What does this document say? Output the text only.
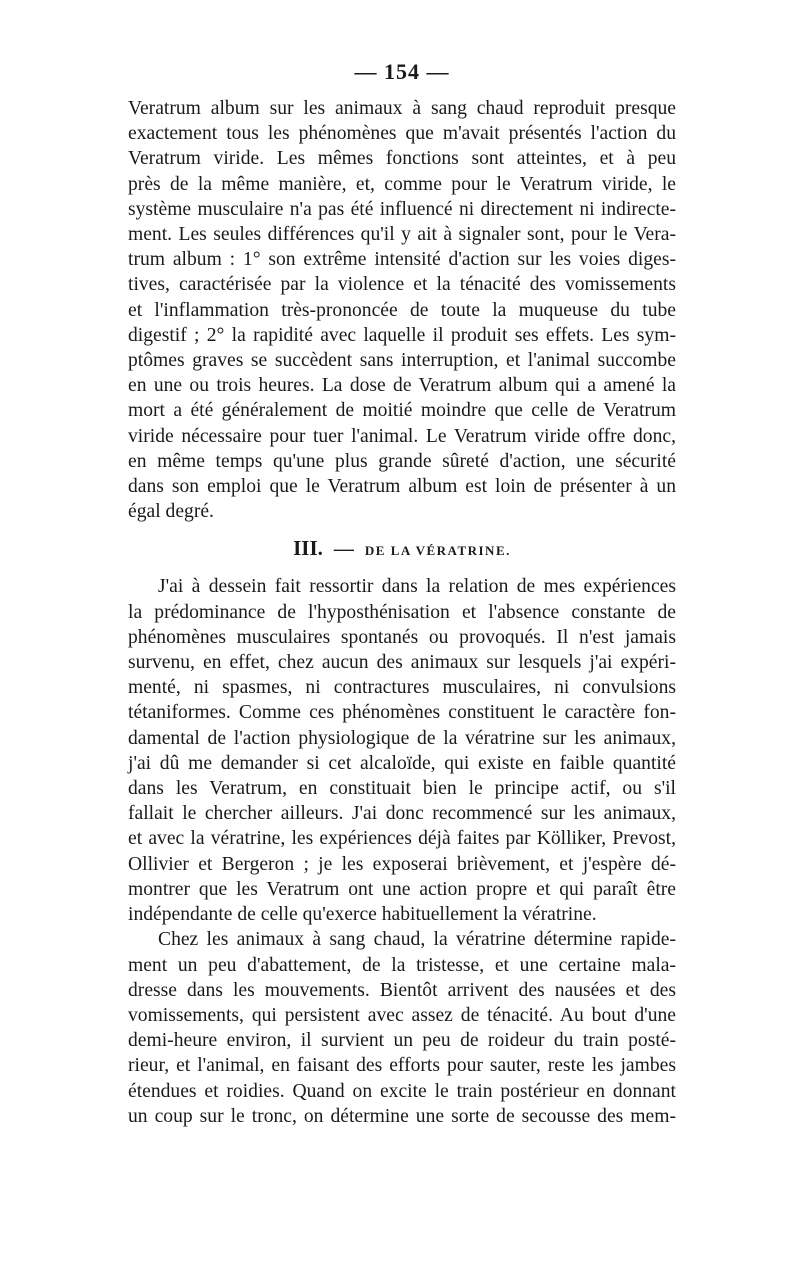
— 154 —
Veratrum album sur les animaux à sang chaud reproduit presque
exactement tous les phénomènes que m'avait présentés l'action du
Veratrum viride. Les mêmes fonctions sont atteintes, et à peu
près de la même manière, et, comme pour le Veratrum viride, le
système musculaire n'a pas été influencé ni directement ni indirecte-
ment. Les seules différences qu'il y ait à signaler sont, pour le Vera-
trum album : 1° son extrême intensité d'action sur les voies diges-
tives, caractérisée par la violence et la ténacité des vomissements
et l'inflammation très-prononcée de toute la muqueuse du tube
digestif ; 2° la rapidité avec laquelle il produit ses effets. Les sym-
ptômes graves se succèdent sans interruption, et l'animal succombe
en une ou trois heures. La dose de Veratrum album qui a amené la
mort a été généralement de moitié moindre que celle de Veratrum
viride nécessaire pour tuer l'animal. Le Veratrum viride offre donc,
en même temps qu'une plus grande sûreté d'action, une sécurité
dans son emploi que le Veratrum album est loin de présenter à un
égal degré.
III. — DE LA VÉRATRINE.
J'ai à dessein fait ressortir dans la relation de mes expériences
la prédominance de l'hyposthénisation et l'absence constante de
phénomènes musculaires spontanés ou provoqués. Il n'est jamais
survenu, en effet, chez aucun des animaux sur lesquels j'ai expéri-
menté, ni spasmes, ni contractures musculaires, ni convulsions
tétaniformes. Comme ces phénomènes constituent le caractère fon-
damental de l'action physiologique de la vératrine sur les animaux,
j'ai dû me demander si cet alcaloïde, qui existe en faible quantité
dans les Veratrum, en constituait bien le principe actif, ou s'il
fallait le chercher ailleurs. J'ai donc recommencé sur les animaux,
et avec la vératrine, les expériences déjà faites par Kölliker, Prevost,
Ollivier et Bergeron ; je les exposerai brièvement, et j'espère dé-
montrer que les Veratrum ont une action propre et qui paraît être
indépendante de celle qu'exerce habituellement la vératrine.
Chez les animaux à sang chaud, la vératrine détermine rapide-
ment un peu d'abattement, de la tristesse, et une certaine mala-
dresse dans les mouvements. Bientôt arrivent des nausées et des
vomissements, qui persistent avec assez de ténacité. Au bout d'une
demi-heure environ, il survient un peu de roideur du train posté-
rieur, et l'animal, en faisant des efforts pour sauter, reste les jambes
étendues et roidies. Quand on excite le train postérieur en donnant
un coup sur le tronc, on détermine une sorte de secousse des mem-
